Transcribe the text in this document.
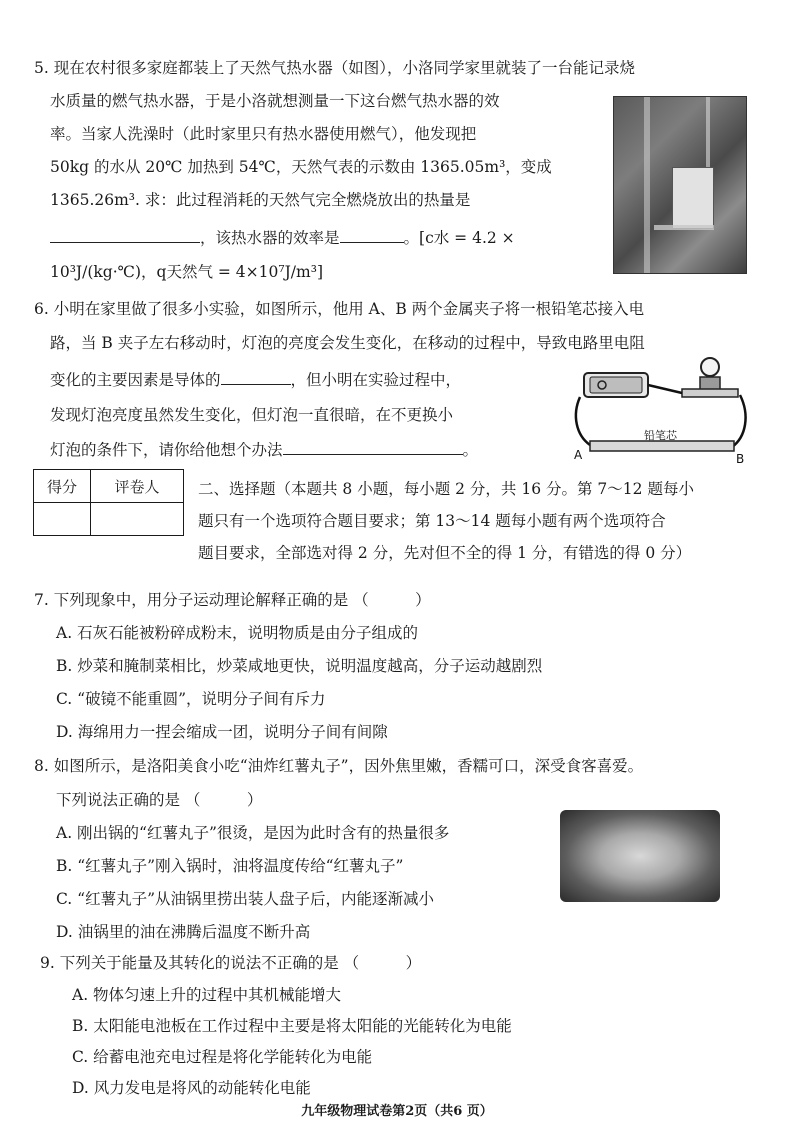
5. 现在农村很多家庭都装上了天然气热水器（如图），小洛同学家里就装了一台能记录烧
水质量的燃气热水器，于是小洛就想测量一下这台燃气热水器的效
率。当家人洗澡时（此时家里只有热水器使用燃气），他发现把
50kg 的水从 20℃ 加热到 54℃，天然气表的示数由 1365.05m³，变成
1365.26m³. 求：此过程消耗的天然气完全燃烧放出的热量是
，该热水器的效率是	。[c水 = 4.2 ×
10³J/(kg·℃)，q天然气 = 4×10⁷J/m³]
6. 小明在家里做了很多小实验，如图所示，他用 A、B 两个金属夹子将一根铅笔芯接入电
路，当 B 夹子左右移动时，灯泡的亮度会发生变化，在移动的过程中，导致电路里电阻
变化的主要因素是导体的	，但小明在实验过程中，
发现灯泡亮度虽然发生变化，但灯泡一直很暗，在不更换小
灯泡的条件下，请你给他想个办法	。
铅笔芯
A	B
得分	评卷人
	二、选择题（本题共 8 小题，每小题 2 分，共 16 分。第 7～12 题每小
题只有一个选项符合题目要求；第 13～14 题每小题有两个选项符合
题目要求，全部选对得 2 分，先对但不全的得 1 分，有错选的得 0 分）
7. 下列现象中，用分子运动理论解释正确的是 （　　　）
A. 石灰石能被粉碎成粉末，说明物质是由分子组成的
B. 炒菜和腌制菜相比，炒菜咸地更快，说明温度越高，分子运动越剧烈
C. “破镜不能重圆”，说明分子间有斥力
D. 海绵用力一捏会缩成一团，说明分子间有间隙
8. 如图所示，是洛阳美食小吃“油炸红薯丸子”，因外焦里嫩，香糯可口，深受食客喜爱。
下列说法正确的是 （　　　）
A. 刚出锅的“红薯丸子”很烫，是因为此时含有的热量很多
B. “红薯丸子”刚入锅时，油将温度传给“红薯丸子”
C. “红薯丸子”从油锅里捞出装人盘子后，内能逐渐减小
D. 油锅里的油在沸腾后温度不断升高
9. 下列关于能量及其转化的说法不正确的是 （　　　）
A. 物体匀速上升的过程中其机械能增大
B. 太阳能电池板在工作过程中主要是将太阳能的光能转化为电能
C. 给蓄电池充电过程是将化学能转化为电能
D. 风力发电是将风的动能转化电能
九年级物理试卷第2页（共6 页）
